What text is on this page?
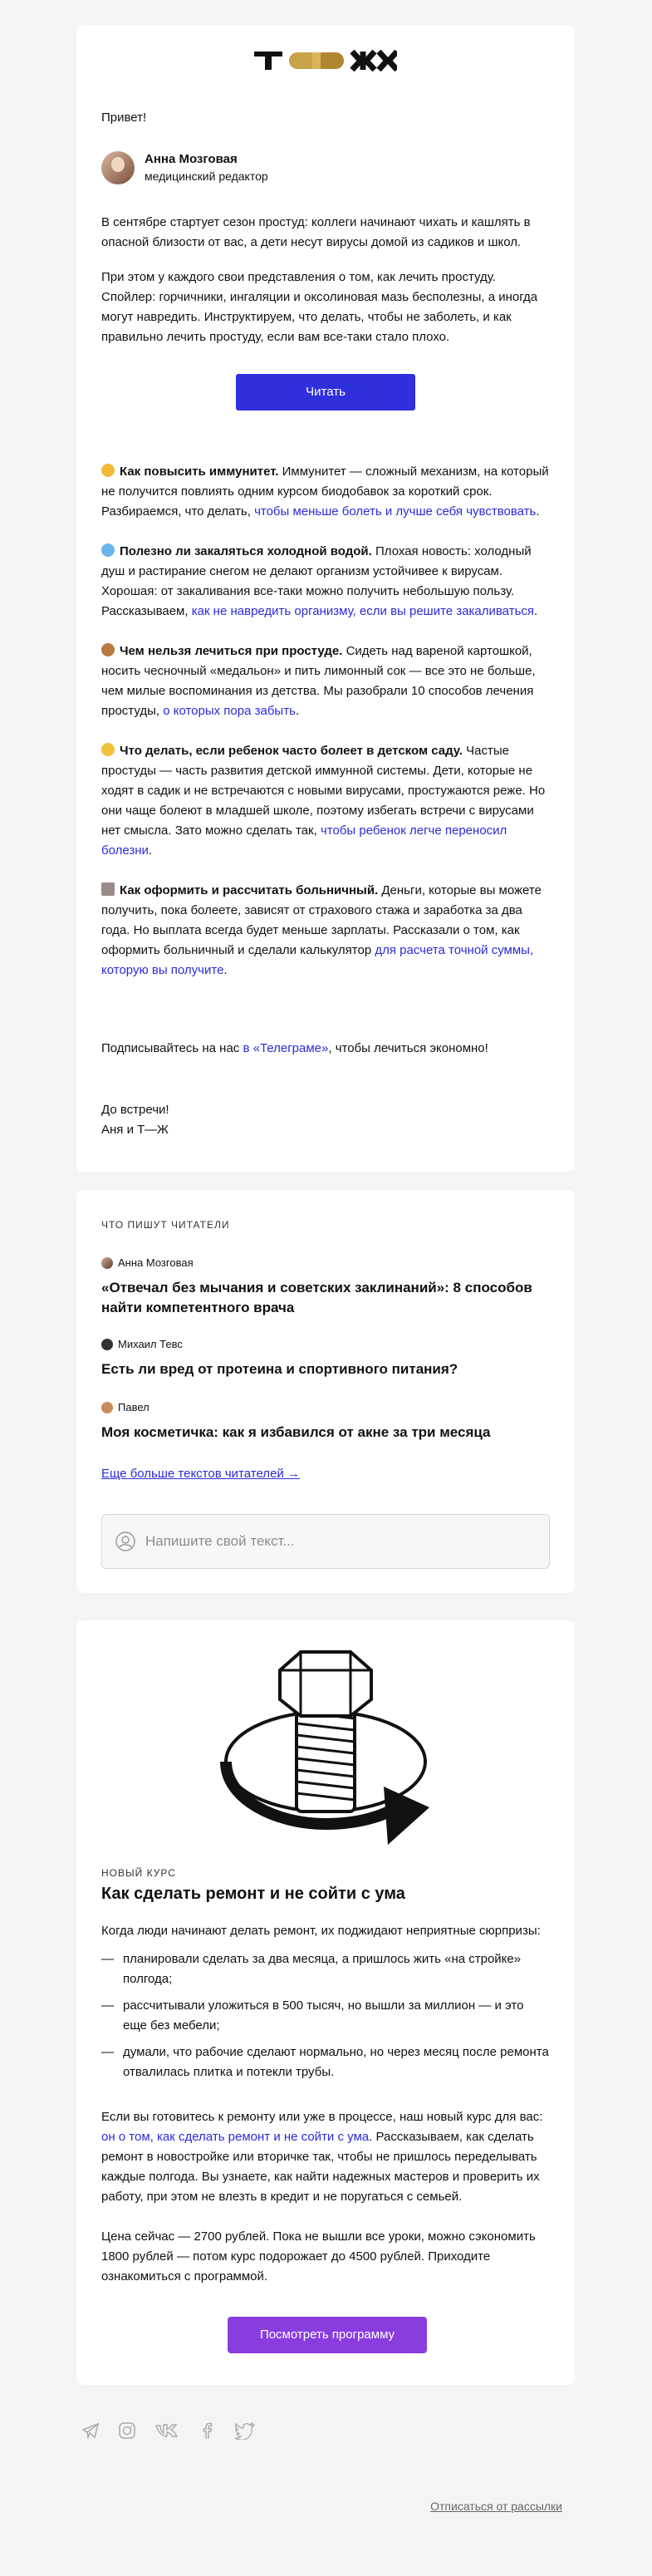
Привет!

Анна Мозговая
медицинский редактор

В сентябре стартует сезон простуд: коллеги начинают чихать и кашлять в опасной близости от вас, а дети несут вирусы домой из садиков и школ.

При этом у каждого свои представления о том, как лечить простуду. Спойлер: горчичники, ингаляции и оксолиновая мазь бесполезны, а иногда могут навредить. Инструктируем, что делать, чтобы не заболеть, и как правильно лечить простуду, если вам все-таки стало плохо.

Читать

Как повысить иммунитет. Иммунитет — сложный механизм, на который не получится повлиять одним курсом биодобавок за короткий срок. Разбираемся, что делать, чтобы меньше болеть и лучше себя чувствовать.

Полезно ли закаляться холодной водой. Плохая новость: холодный душ и растирание снегом не делают организм устойчивее к вирусам. Хорошая: от закаливания все-таки можно получить небольшую пользу. Рассказываем, как не навредить организму, если вы решите закаливаться.

Чем нельзя лечиться при простуде. Сидеть над вареной картошкой, носить чесночный «медальон» и пить лимонный сок — все это не больше, чем милые воспоминания из детства. Мы разобрали 10 способов лечения простуды, о которых пора забыть.

Что делать, если ребенок часто болеет в детском саду. Частые простуды — часть развития детской иммунной системы. Дети, которые не ходят в садик и не встречаются с новыми вирусами, простужаются реже. Но они чаще болеют в младшей школе, поэтому избегать встречи с вирусами нет смысла. Зато можно сделать так, чтобы ребенок легче переносил болезни.

Как оформить и рассчитать больничный. Деньги, которые вы можете получить, пока болеете, зависят от страхового стажа и заработка за два года. Но выплата всегда будет меньше зарплаты. Рассказали о том, как оформить больничный и сделали калькулятор для расчета точной суммы, которую вы получите.

Подписывайтесь на нас в «Телеграме», чтобы лечиться экономно!

До встречи!

Аня и Т—Ж

ЧТО ПИШУТ ЧИТАТЕЛИ
Анна Мозговая
«Отвечал без мычания и советских заклинаний»: 8 способов найти компетентного врача
Михаил Тевс
Есть ли вред от протеина и спортивного питания?
Павел
Моя косметичка: как я избавился от акне за три месяца
Еще больше текстов читателей →
Напишите свой текст...
НОВЫЙ КУРС
Как сделать ремонт и не сойти с ума

Когда люди начинают делать ремонт, их поджидают неприятные сюрпризы:

— планировали сделать за два месяца, а пришлось жить «на стройке» полгода;
— рассчитывали уложиться в 500 тысяч, но вышли за миллион — и это еще без мебели;
— думали, что рабочие сделают нормально, но через месяц после ремонта отвалилась плитка и потекли трубы.

Если вы готовитесь к ремонту или уже в процессе, наш новый курс для вас: он о том, как сделать ремонт и не сойти с ума. Рассказываем, как сделать ремонт в новостройке или вторичке так, чтобы не пришлось переделывать каждые полгода. Вы узнаете, как найти надежных мастеров и проверить их работу, при этом не влезть в кредит и не поругаться с семьей.

Цена сейчас — 2700 рублей. Пока не вышли все уроки, можно сэкономить 1800 рублей — потом курс подорожает до 4500 рублей. Приходите ознакомиться с программой.

Посмотреть программу
Отписаться от рассылки
